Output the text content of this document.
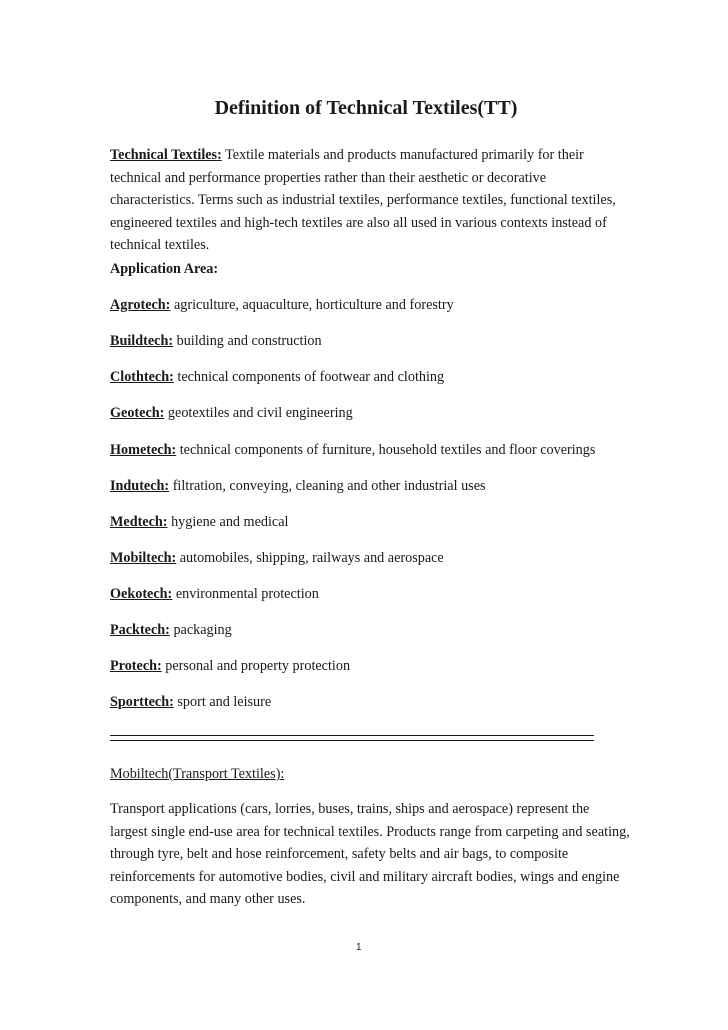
Definition of Technical Textiles(TT)
Technical Textiles: Textile materials and products manufactured primarily for their technical and performance properties rather than their aesthetic or decorative characteristics. Terms such as industrial textiles, performance textiles, functional textiles, engineered textiles and high-tech textiles are also all used in various contexts instead of technical textiles.
Application Area:
Agrotech: agriculture, aquaculture, horticulture and forestry
Buildtech: building and construction
Clothtech: technical components of footwear and clothing
Geotech: geotextiles and civil engineering
Hometech: technical components of furniture, household textiles and floor coverings
Indutech: filtration, conveying, cleaning and other industrial uses
Medtech: hygiene and medical
Mobiltech: automobiles, shipping, railways and aerospace
Oekotech: environmental protection
Packtech: packaging
Protech: personal and property protection
Sporttech: sport and leisure
Mobiltech(Transport Textiles):
Transport applications (cars, lorries, buses, trains, ships and aerospace) represent the largest single end-use area for technical textiles. Products range from carpeting and seating, through tyre, belt and hose reinforcement, safety belts and air bags, to composite reinforcements for automotive bodies, civil and military aircraft bodies, wings and engine components, and many other uses.
1
